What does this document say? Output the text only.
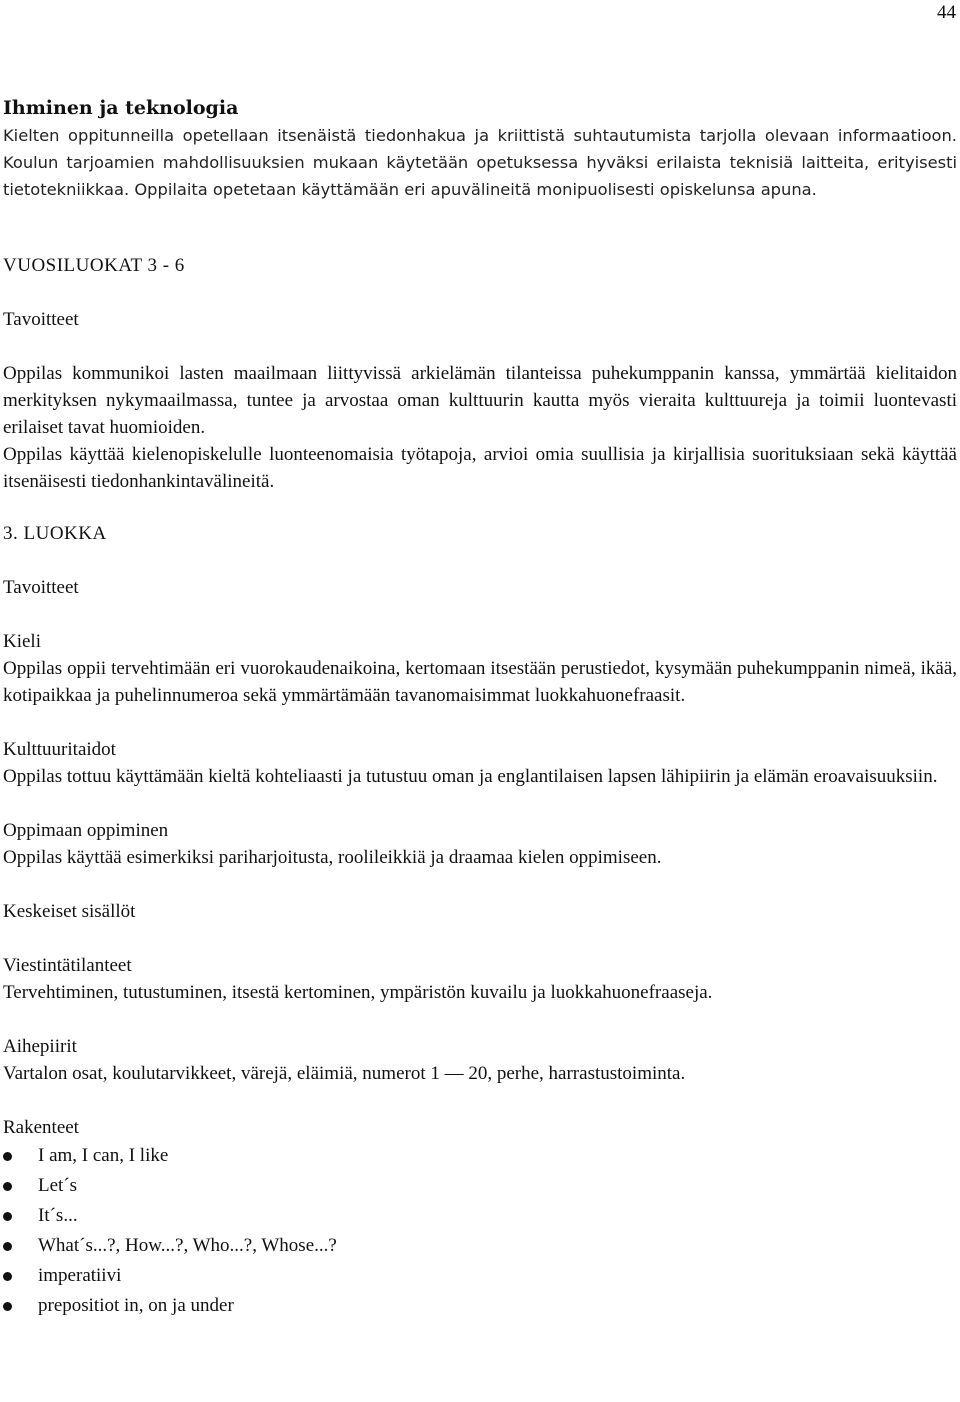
44

Ihminen ja teknologia

Kielten oppitunneilla opetellaan itsenäistä tiedonhakua ja kriittistä suhtautumista tarjolla olevaan informaatioon. Koulun tarjoamien mahdollisuuksien mukaan käytetään opetuksessa hyväksi erilaista teknisiä laitteita, erityisesti tietotekniikkaa. Oppilaita opetetaan käyttämään eri apuvälineitä monipuolisesti opiskelunsa apuna.

VUOSILUOKAT 3 - 6

Tavoitteet

Oppilas kommunikoi lasten maailmaan liittyvissä arkielämän tilanteissa puhekumppanin kanssa, ymmärtää kielitaidon merkityksen nykymaailmassa, tuntee ja arvostaa oman kulttuurin kautta myös vieraita kulttuureja ja toimii luontevasti erilaiset tavat huomioiden.

Oppilas käyttää kielenopiskelulle luonteenomaisia työtapoja, arvioi omia suullisia ja kirjallisia suorituksiaan sekä käyttää itsenäisesti tiedonhankintavälineitä.

3. LUOKKA

Tavoitteet

Kieli

Oppilas oppii tervehtimään eri vuorokaudenaikoina, kertomaan itsestään perustiedot, kysymään puhekumppanin nimeä, ikää, kotipaikkaa ja puhelinnumeroa sekä ymmärtämään tavanomaisimmat luokkahuonefraasit.

Kulttuuritaidot

Oppilas tottuu käyttämään kieltä kohteliaasti ja tutustuu oman ja englantilaisen lapsen lähipiirin ja elämän eroavaisuuksiin.

Oppimaan oppiminen

Oppilas käyttää esimerkiksi pariharjoitusta, roolileikkiä ja draamaa kielen oppimiseen.

Keskeiset sisällöt

Viestintätilanteet

Tervehtiminen, tutustuminen, itsestä kertominen, ympäristön kuvailu ja luokkahuonefraaseja.

Aihepiirit

Vartalon osat, koulutarvikkeet, värejä, eläimiä, numerot 1 — 20, perhe, harrastustoiminta.

Rakenteet

I am, I can, I like
Let´s
It´s...
What´s...?, How...?, Who...?, Whose...?
imperatiivi
prepositiot in, on ja under
